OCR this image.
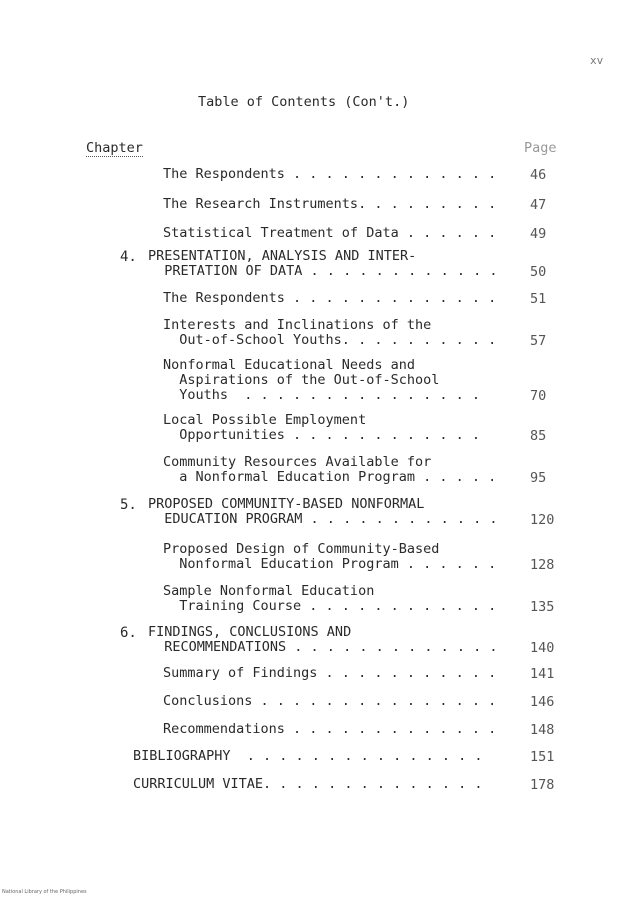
xv
Table of Contents (Con't.)
Chapter	Page
The Respondents . . . . . . . . . . . . .	46
The Research Instruments. . . . . . . . .	47
Statistical Treatment of Data . . . . . .	49
4. PRESENTATION, ANALYSIS AND INTER-
PRETATION OF DATA . . . . . . . . . . . . 50
The Respondents . . . . . . . . . . . . .	51
Interests and Inclinations of the
Out-of-School Youths. . . . . . . . . .	57
Nonformal Educational Needs and
Aspirations of the Out-of-School
Youths  . . . . . . . . . . . . . . .	70
Local Possible Employment
Opportunities . . . . . . . . . . . .	85
Community Resources Available for
a Nonformal Education Program . . . . .	95
5. PROPOSED COMMUNITY-BASED NONFORMAL
EDUCATION PROGRAM . . . . . . . . . . . . 120
Proposed Design of Community-Based
Nonformal Education Program . . . . . .	128
Sample Nonformal Education
Training Course . . . . . . . . . . . .	135
6. FINDINGS, CONCLUSIONS AND
RECOMMENDATIONS . . . . . . . . . . . . . 140
Summary of Findings . . . . . . . . . . .	141
Conclusions . . . . . . . . . . . . . . .	146
Recommendations . . . . . . . . . . . . .	148
BIBLIOGRAPHY  . . . . . . . . . . . . . . .	151
CURRICULUM VITAE. . . . . . . . . . . . . .	178
National Library of the Philippines
